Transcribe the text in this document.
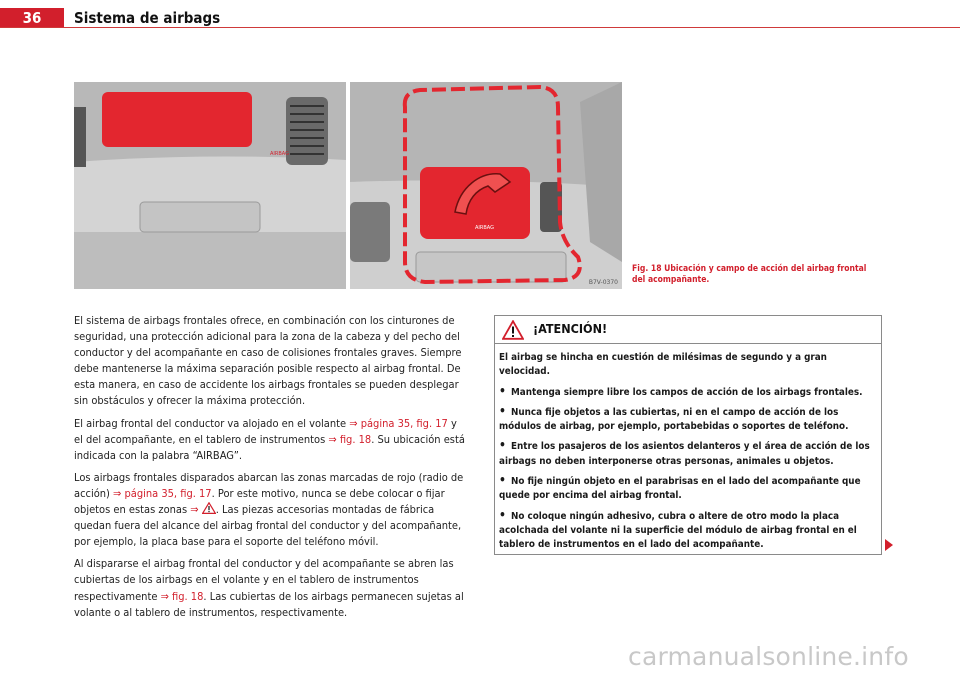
36	Sistema de airbags
AIRBAG
AIRBAG
B7V-0370
Fig. 18 Ubicación y campo de acción del airbag frontal del acompañante.

El sistema de airbags frontales ofrece, en combinación con los cinturones de seguridad, una protección adicional para la zona de la cabeza y del pecho del conductor y del acompañante en caso de colisiones frontales graves. Siempre debe mantenerse la máxima separación posible respecto al airbag frontal. De esta manera, en caso de accidente los airbags frontales se pueden desplegar sin obstáculos y ofrecer la máxima protección.

El airbag frontal del conductor va alojado en el volante ⇒ página 35, fig. 17 y el del acompañante, en el tablero de instrumentos ⇒ fig. 18. Su ubicación está indicada con la palabra “AIRBAG”.

Los airbags frontales disparados abarcan las zonas marcadas de rojo (radio de acción) ⇒ página 35, fig. 17. Por este motivo, nunca se debe colocar o fijar objetos en estas zonas ⇒ . Las piezas accesorias montadas de fábrica quedan fuera del alcance del airbag frontal del conductor y del acompañante, por ejemplo, la placa base para el soporte del teléfono móvil.

Al dispararse el airbag frontal del conductor y del acompañante se abren las cubiertas de los airbags en el volante y en el tablero de instrumentos respectivamente ⇒ fig. 18. Las cubiertas de los airbags permanecen sujetas al volante o al tablero de instrumentos, respectivamente.

¡ATENCIÓN!
El airbag se hincha en cuestión de milésimas de segundo y a gran velocidad.
• Mantenga siempre libre los campos de acción de los airbags frontales.
• Nunca fije objetos a las cubiertas, ni en el campo de acción de los módulos de airbag, por ejemplo, portabebidas o soportes de teléfono.
• Entre los pasajeros de los asientos delanteros y el área de acción de los airbags no deben interponerse otras personas, animales u objetos.
• No fije ningún objeto en el parabrisas en el lado del acompañante que quede por encima del airbag frontal.
• No coloque ningún adhesivo, cubra o altere de otro modo la placa acolchada del volante ni la superficie del módulo de airbag frontal en el tablero de instrumentos en el lado del acompañante.
carmanualsonline.info
